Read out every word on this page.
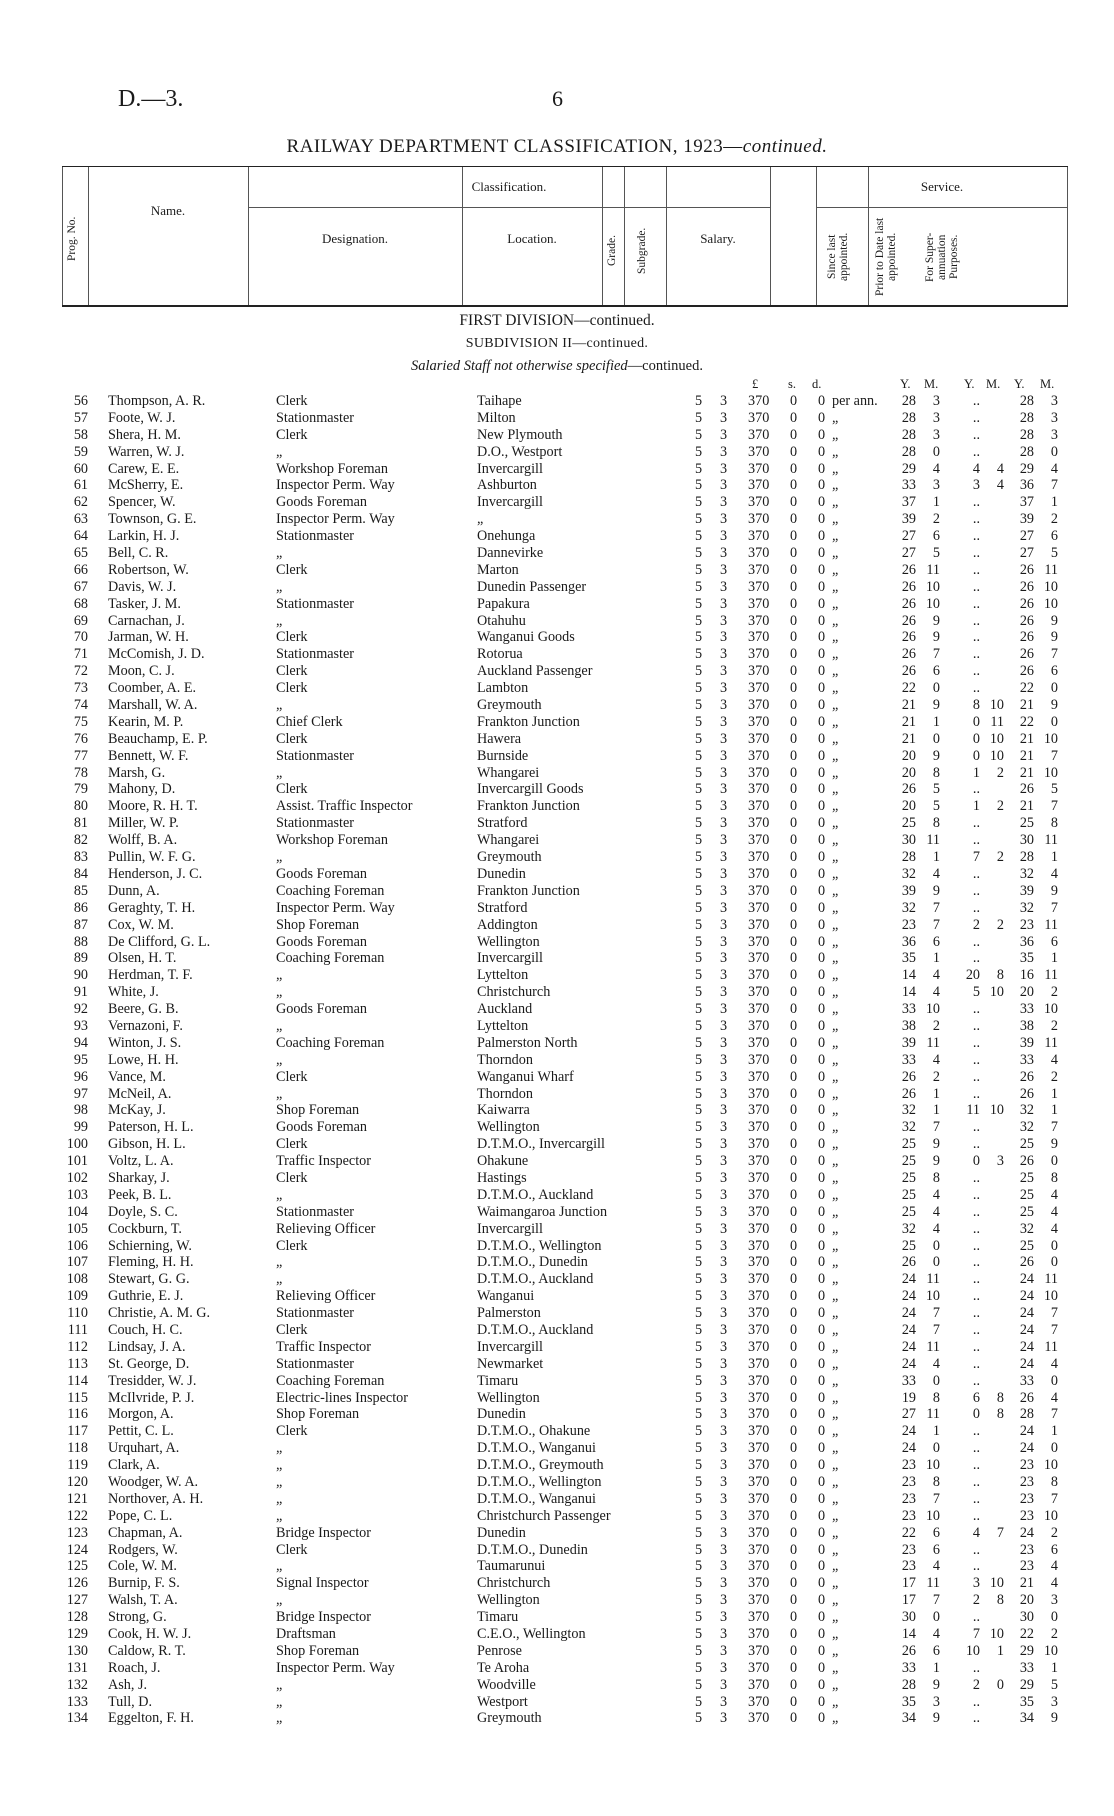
D.—3.	6
RAILWAY DEPARTMENT CLASSIFICATION, 1923—continued.
Prog. No.
Name.
Classification.
Designation.	Location.	Grade. Subgrade.	Salary.
Service.
Since last appointed.	Prior to Date last appointed.	For Super-annuation Purposes.
FIRST DIVISION—continued.
SUBDIVISION II—continued.
Salaried Staff not otherwise specified—continued.
£ s. d.	Y. M. Y. M. Y. M.
56 Thompson, A. R.	Clerk	Taihape	5 3 370 0 0 per ann.	28	3	..	28	3
57 Foote, W. J.	Stationmaster	Milton	5 3 370 0 0 „	28	3	..	28	3
58 Shera, H. M.	Clerk	New Plymouth	5 3 370 0 0 „	28	3	..	28	3
59 Warren, W. J.	„	D.O., Westport	5 3 370 0 0 „	28	0	..	28	0
60 Carew, E. E.	Workshop Foreman	Invercargill	5 3 370 0 0 „	29	4	4	4	29	4
61 McSherry, E.	Inspector Perm. Way	Ashburton	5 3 370 0 0 „	33	3	3	4	36	7
62 Spencer, W.	Goods Foreman	Invercargill	5 3 370 0 0 „	37	1	..	37	1
63 Townson, G. E.	Inspector Perm. Way	„	5 3 370 0 0 „	39	2	..	39	2
64 Larkin, H. J.	Stationmaster	Onehunga	5 3 370 0 0 „	27	6	..	27	6
65 Bell, C. R.	„	Dannevirke	5 3 370 0 0 „	27	5	..	27	5
66 Robertson, W.	Clerk	Marton	5 3 370 0 0 „	26 11	..	26 11
67 Davis, W. J.	„	Dunedin Passenger	5 3 370 0 0 „	26 10	..	26 10
68 Tasker, J. M.	Stationmaster	Papakura	5 3 370 0 0 „	26 10	..	26 10
69 Carnachan, J.	„	Otahuhu	5 3 370 0 0 „	26	9	..	26	9
70 Jarman, W. H.	Clerk	Wanganui Goods	5 3 370 0 0 „	26	9	..	26	9
71 McComish, J. D.	Stationmaster	Rotorua	5 3 370 0 0 „	26	7	..	26	7
72 Moon, C. J.	Clerk	Auckland Passenger	5 3 370 0 0 „	26	6	..	26	6
73 Coomber, A. E.	Clerk	Lambton	5 3 370 0 0 „	22	0	..	22	0
74 Marshall, W. A.	„	Greymouth	5 3 370 0 0 „	21	9	8 10	21	9
75 Kearin, M. P.	Chief Clerk	Frankton Junction	5 3 370 0 0 „	21	1	0 11	22	0
76 Beauchamp, E. P.	Clerk	Hawera	5 3 370 0 0 „	21	0	0 10	21 10
77 Bennett, W. F.	Stationmaster	Burnside	5 3 370 0 0 „	20	9	0 10	21	7
78 Marsh, G.	„	Whangarei	5 3 370 0 0 „	20	8	1	2	21 10
79 Mahony, D.	Clerk	Invercargill Goods	5 3 370 0 0 „	26	5	..	26	5
80 Moore, R. H. T.	Assist. Traffic Inspector	Frankton Junction	5 3 370 0 0 „	20	5	1	2	21	7
81 Miller, W. P.	Stationmaster	Stratford	5 3 370 0 0 „	25	8	..	25	8
82 Wolff, B. A.	Workshop Foreman	Whangarei	5 3 370 0 0 „	30 11	..	30 11
83 Pullin, W. F. G.	„	Greymouth	5 3 370 0 0 „	28	1	7	2	28	1
84 Henderson, J. C.	Goods Foreman	Dunedin	5 3 370 0 0 „	32	4	..	32	4
85 Dunn, A.	Coaching Foreman	Frankton Junction	5 3 370 0 0 „	39	9	..	39	9
86 Geraghty, T. H.	Inspector Perm. Way	Stratford	5 3 370 0 0 „	32	7	..	32	7
87 Cox, W. M.	Shop Foreman	Addington	5 3 370 0 0 „	23	7	2	2	23 11
88 De Clifford, G. L.	Goods Foreman	Wellington	5 3 370 0 0 „	36	6	..	36	6
89 Olsen, H. T.	Coaching Foreman	Invercargill	5 3 370 0 0 „	35	1	..	35	1
90 Herdman, T. F.	„	Lyttelton	5 3 370 0 0 „	14	4	20	8	16 11
91 White, J.	„	Christchurch	5 3 370 0 0 „	14	4	5 10	20	2
92 Beere, G. B.	Goods Foreman	Auckland	5 3 370 0 0 „	33 10	..	33 10
93 Vernazoni, F.	„	Lyttelton	5 3 370 0 0 „	38	2	..	38	2
94 Winton, J. S.	Coaching Foreman	Palmerston North	5 3 370 0 0 „	39 11	..	39 11
95 Lowe, H. H.	„	Thorndon	5 3 370 0 0 „	33	4	..	33	4
96 Vance, M.	Clerk	Wanganui Wharf	5 3 370 0 0 „	26	2	..	26	2
97 McNeil, A.	„	Thorndon	5 3 370 0 0 „	26	1	..	26	1
98 McKay, J.	Shop Foreman	Kaiwarra	5 3 370 0 0 „	32	1	11 10	32	1
99 Paterson, H. L.	Goods Foreman	Wellington	5 3 370 0 0 „	32	7	..	32	7
100 Gibson, H. L.	Clerk	D.T.M.O., Invercargill	5 3 370 0 0 „	25	9	..	25	9
101 Voltz, L. A.	Traffic Inspector	Ohakune	5 3 370 0 0 „	25	9	0	3	26	0
102 Sharkay, J.	Clerk	Hastings	5 3 370 0 0 „	25	8	..	25	8
103 Peek, B. L.	„	D.T.M.O., Auckland	5 3 370 0 0 „	25	4	..	25	4
104 Doyle, S. C.	Stationmaster	Waimangaroa Junction	5 3 370 0 0 „	25	4	..	25	4
105 Cockburn, T.	Relieving Officer	Invercargill	5 3 370 0 0 „	32	4	..	32	4
106 Schierning, W.	Clerk	D.T.M.O., Wellington	5 3 370 0 0 „	25	0	..	25	0
107 Fleming, H. H.	„	D.T.M.O., Dunedin	5 3 370 0 0 „	26	0	..	26	0
108 Stewart, G. G.	„	D.T.M.O., Auckland	5 3 370 0 0 „	24 11	..	24 11
109 Guthrie, E. J.	Relieving Officer	Wanganui	5 3 370 0 0 „	24 10	..	24 10
110 Christie, A. M. G.	Stationmaster	Palmerston	5 3 370 0 0 „	24	7	..	24	7
111 Couch, H. C.	Clerk	D.T.M.O., Auckland	5 3 370 0 0 „	24	7	..	24	7
112 Lindsay, J. A.	Traffic Inspector	Invercargill	5 3 370 0 0 „	24 11	..	24 11
113 St. George, D.	Stationmaster	Newmarket	5 3 370 0 0 „	24	4	..	24	4
114 Tresidder, W. J.	Coaching Foreman	Timaru	5 3 370 0 0 „	33	0	..	33	0
115 McIlvride, P. J.	Electric-lines Inspector	Wellington	5 3 370 0 0 „	19	8	6	8	26	4
116 Morgon, A.	Shop Foreman	Dunedin	5 3 370 0 0 „	27 11	0	8	28	7
117 Pettit, C. L.	Clerk	D.T.M.O., Ohakune	5 3 370 0 0 „	24	1	..	24	1
118 Urquhart, A.	„	D.T.M.O., Wanganui	5 3 370 0 0 „	24	0	..	24	0
119 Clark, A.	„	D.T.M.O., Greymouth	5 3 370 0 0 „	23 10	..	23 10
120 Woodger, W. A.	„	D.T.M.O., Wellington	5 3 370 0 0 „	23	8	..	23	8
121 Northover, A. H.	„	D.T.M.O., Wanganui	5 3 370 0 0 „	23	7	..	23	7
122 Pope, C. L.	„	Christchurch Passenger	5 3 370 0 0 „	23 10	..	23 10
123 Chapman, A.	Bridge Inspector	Dunedin	5 3 370 0 0 „	22	6	4	7	24	2
124 Rodgers, W.	Clerk	D.T.M.O., Dunedin	5 3 370 0 0 „	23	6	..	23	6
125 Cole, W. M.	„	Taumarunui	5 3 370 0 0 „	23	4	..	23	4
126 Burnip, F. S.	Signal Inspector	Christchurch	5 3 370 0 0 „	17 11	3 10	21	4
127 Walsh, T. A.	„	Wellington	5 3 370 0 0 „	17	7	2	8	20	3
128 Strong, G.	Bridge Inspector	Timaru	5 3 370 0 0 „	30	0	..	30	0
129 Cook, H. W. J.	Draftsman	C.E.O., Wellington	5 3 370 0 0 „	14	4	7 10	22	2
130 Caldow, R. T.	Shop Foreman	Penrose	5 3 370 0 0 „	26	6	10	1	29 10
131 Roach, J.	Inspector Perm. Way	Te Aroha	5 3 370 0 0 „	33	1	..	33	1
132 Ash, J.	„	Woodville	5 3 370 0 0 „	28	9	2	0	29	5
133 Tull, D.	„	Westport	5 3 370 0 0 „	35	3	..	35	3
134 Eggelton, F. H.	„	Greymouth	5 3 370 0 0 „	34	9	..	34	9
